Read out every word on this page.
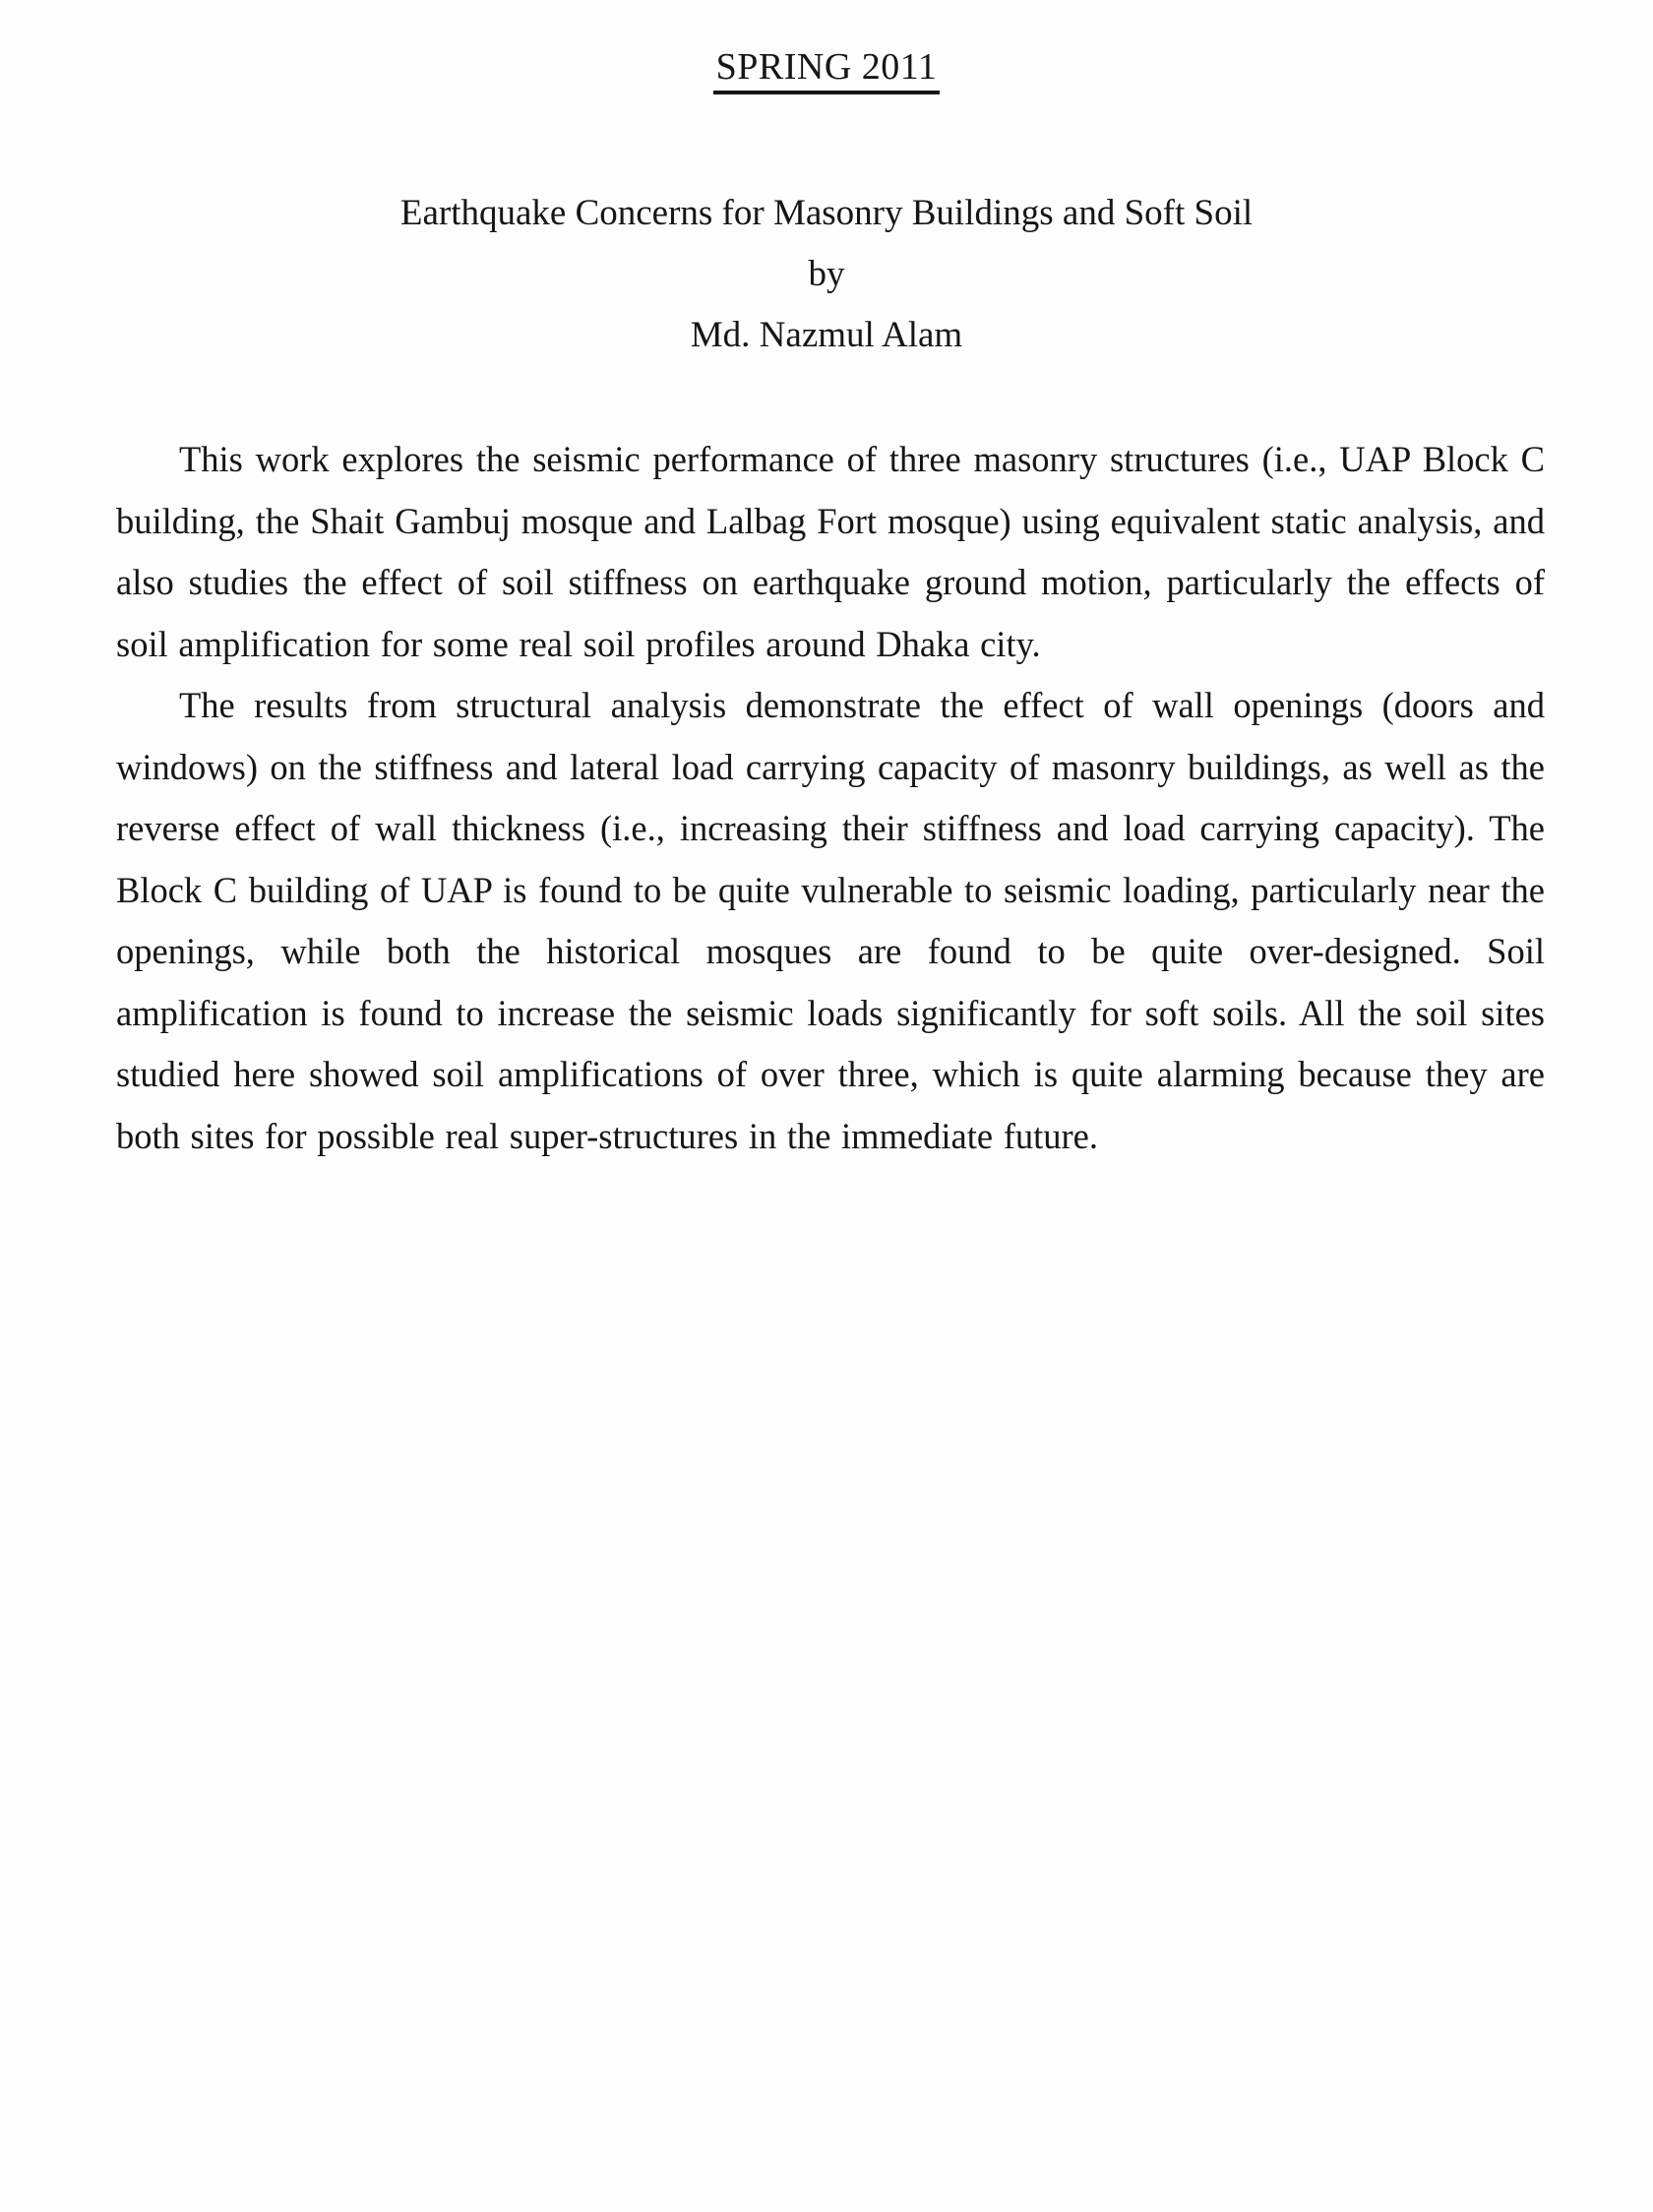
SPRING 2011
Earthquake Concerns for Masonry Buildings and Soft Soil
by
Md. Nazmul Alam

This work explores the seismic performance of three masonry structures (i.e., UAP Block C building, the Shait Gambuj mosque and Lalbag Fort mosque) using equivalent static analysis, and also studies the effect of soil stiffness on earthquake ground motion, particularly the effects of soil amplification for some real soil profiles around Dhaka city.

The results from structural analysis demonstrate the effect of wall openings (doors and windows) on the stiffness and lateral load carrying capacity of masonry buildings, as well as the reverse effect of wall thickness (i.e., increasing their stiffness and load carrying capacity). The Block C building of UAP is found to be quite vulnerable to seismic loading, particularly near the openings, while both the historical mosques are found to be quite over-designed. Soil amplification is found to increase the seismic loads significantly for soft soils. All the soil sites studied here showed soil amplifications of over three, which is quite alarming because they are both sites for possible real super-structures in the immediate future.
